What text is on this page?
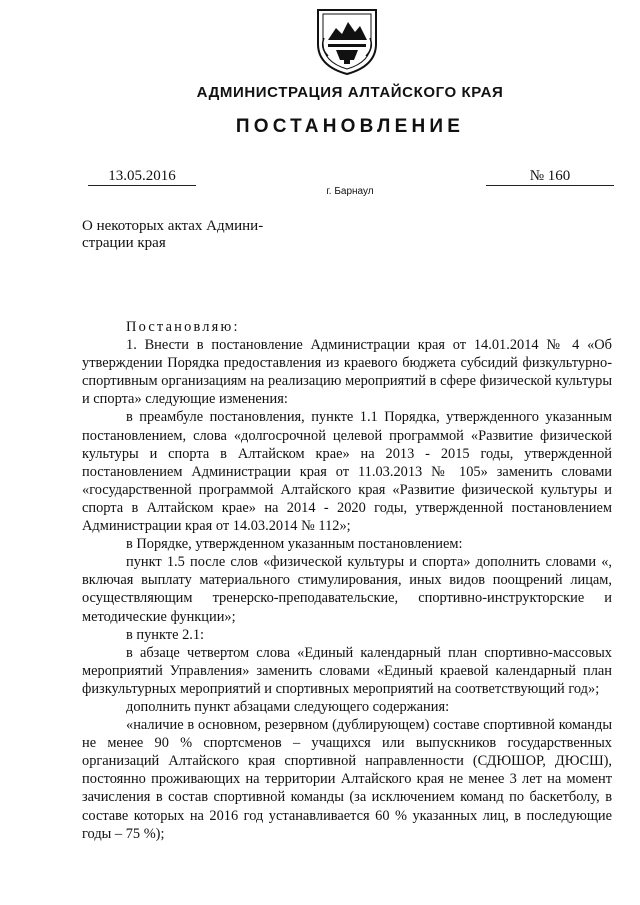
АДМИНИСТРАЦИЯ АЛТАЙСКОГО КРАЯ
ПОСТАНОВЛЕНИЕ
13.05.2016	№ 160
г. Барнаул
О некоторых актах Админи-
страции края

Постановляю:

1. Внести в постановление Администрации края от 14.01.2014 № 4 «Об утверждении Порядка предоставления из краевого бюджета субсидий физкультурно-спортивным организациям на реализацию мероприятий в сфере физической культуры и спорта» следующие изменения:

в преамбуле постановления, пункте 1.1 Порядка, утвержденного указанным постановлением, слова «долгосрочной целевой программой «Развитие физической культуры и спорта в Алтайском крае» на 2013 - 2015 годы, утвержденной постановлением Администрации края от 11.03.2013 № 105» заменить словами «государственной программой Алтайского края «Развитие физической культуры и спорта в Алтайском крае» на 2014 - 2020 годы, утвержденной постановлением Администрации края от 14.03.2014 № 112»;

в Порядке, утвержденном указанным постановлением:

пункт 1.5 после слов «физической культуры и спорта» дополнить словами «, включая выплату материального стимулирования, иных видов поощрений лицам, осуществляющим тренерско-преподавательские, спортивно-инструкторские и методические функции»;

в пункте 2.1:

в абзаце четвертом слова «Единый календарный план спортивно-массовых мероприятий Управления» заменить словами «Единый краевой календарный план физкультурных мероприятий и спортивных мероприятий на соответствующий год»;

дополнить пункт абзацами следующего содержания:

«наличие в основном, резервном (дублирующем) составе спортивной команды не менее 90 % спортсменов – учащихся или выпускников государственных организаций Алтайского края спортивной направленности (СДЮШОР, ДЮСШ), постоянно проживающих на территории Алтайского края не менее 3 лет на момент зачисления в состав спортивной команды (за исключением команд по баскетболу, в составе которых на 2016 год устанавливается 60 % указанных лиц, в последующие годы – 75 %);
